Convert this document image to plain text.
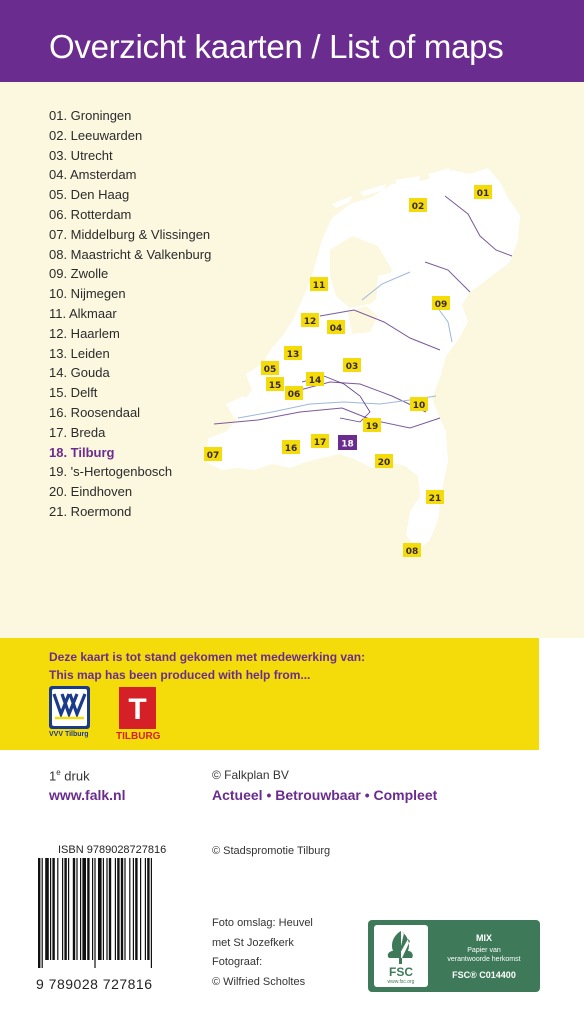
Overzicht kaarten / List of maps
01. Groningen
02. Leeuwarden
03. Utrecht
04. Amsterdam
05. Den Haag
06. Rotterdam
07. Middelburg & Vlissingen
08. Maastricht & Valkenburg
09. Zwolle
10. Nijmegen
11. Alkmaar
12. Haarlem
13. Leiden
14. Gouda
15. Delft
16. Roosendaal
17. Breda
18. Tilburg
19. 's-Hertogenbosch
20. Eindhoven
21. Roermond
01
02
03
04
05
06
07
08
09
10
11
12
13
14
15
16
17 18
19
20
21
Deze kaart is tot stand gekomen met medewerking van:
This map has been produced with help from...
VVV Tilburg
T
TILBURG
1e druk
www.falk.nl
© Falkplan BV
Actueel • Betrouwbaar • Compleet
ISBN 9789028727816
9 789028 727816
© Stadspromotie Tilburg
Foto omslag: Heuvel
met St Jozefkerk
Fotograaf:
© Wilfried Scholtes
FSC
www.fsc.org
MIX
Papier van
verantwoorde herkomst
FSC® C014400
